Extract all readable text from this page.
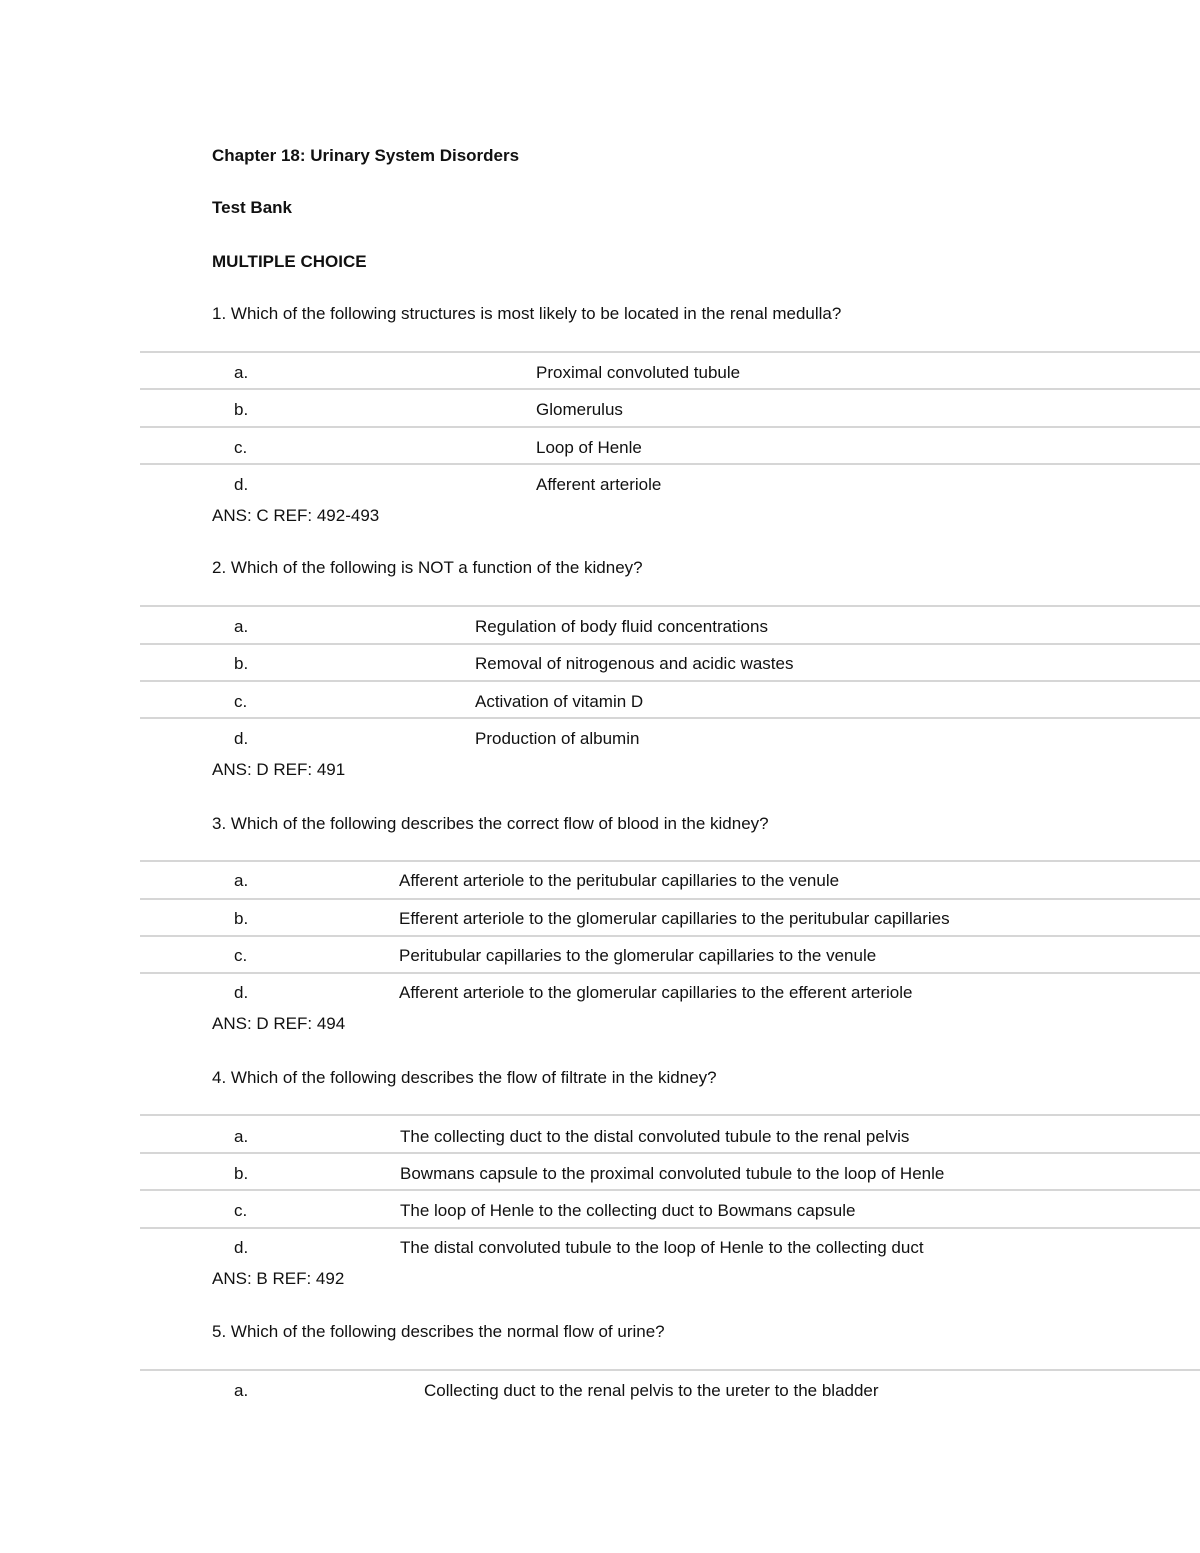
Chapter 18: Urinary System Disorders
Test Bank
MULTIPLE CHOICE
1. Which of the following structures is most likely to be located in the renal medulla?
a.	Proximal convoluted tubule
b.	Glomerulus
c.	Loop of Henle
d.	Afferent arteriole
ANS: C REF: 492-493
2. Which of the following is NOT a function of the kidney?
a.	Regulation of body fluid concentrations
b.	Removal of nitrogenous and acidic wastes
c.	Activation of vitamin D
d.	Production of albumin
ANS: D REF: 491
3. Which of the following describes the correct flow of blood in the kidney?
a.	Afferent arteriole to the peritubular capillaries to the venule
b.	Efferent arteriole to the glomerular capillaries to the peritubular capillaries
c.	Peritubular capillaries to the glomerular capillaries to the venule
d.	Afferent arteriole to the glomerular capillaries to the efferent arteriole
ANS: D REF: 494
4. Which of the following describes the flow of filtrate in the kidney?
a.	The collecting duct to the distal convoluted tubule to the renal pelvis
b.	Bowmans capsule to the proximal convoluted tubule to the loop of Henle
c.	The loop of Henle to the collecting duct to Bowmans capsule
d.	The distal convoluted tubule to the loop of Henle to the collecting duct
ANS: B REF: 492
5. Which of the following describes the normal flow of urine?
a.	Collecting duct to the renal pelvis to the ureter to the bladder
